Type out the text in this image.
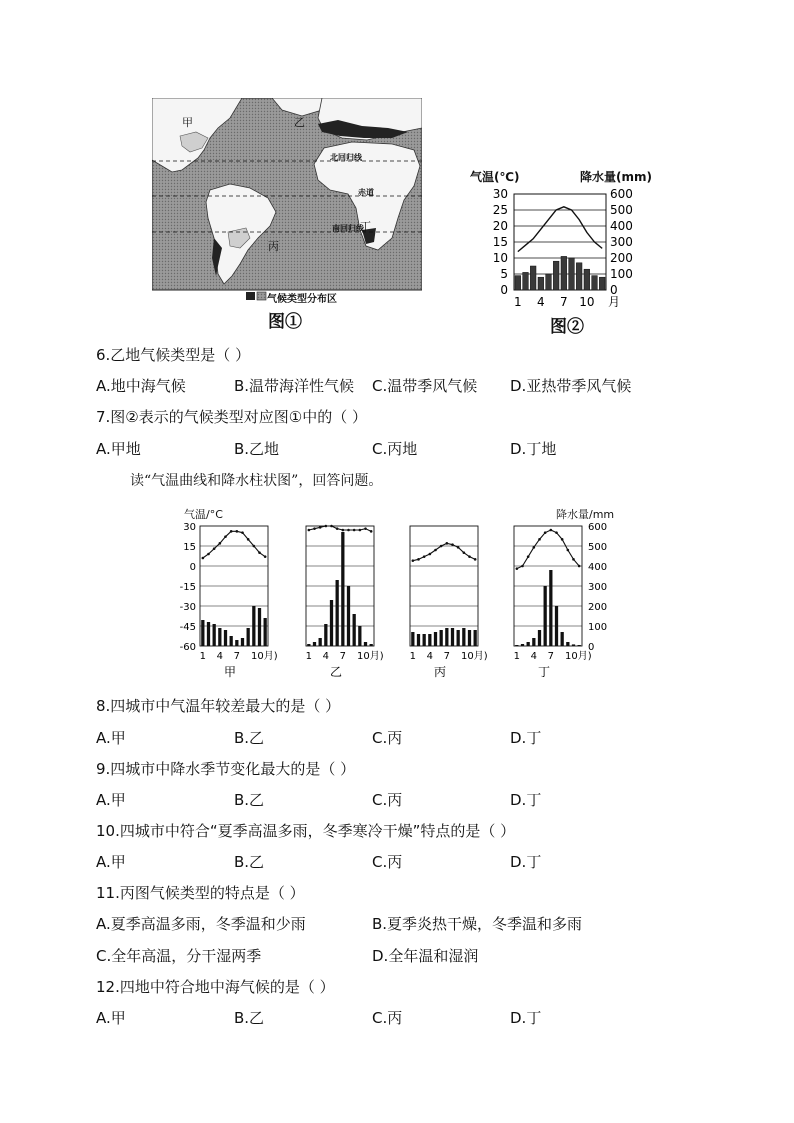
甲	乙
丙
丁
北回归线
赤道
南回归线
气候类型分布区
图①
气温(℃)	降水量(mm)
30
25
20
15
10
5
0
600
500
400
300
200
100
0
1 4 7 10 月
图②
6.乙地气候类型是（ ）
A.地中海气候	B.温带海洋性气候 C.温带季风气候 D.亚热带季风气候
7.图②表示的气候类型对应图①中的（ ）
A.甲地	B.乙地	C.丙地	D.丁地
读“气温曲线和降水柱状图”，回答问题。
气温/°C	降水量/mm
30
15
0
-15
-30
-45
-60
600
500
400
300
200
100
0
1 4 7 10月)
甲
1 4 7 10月)
乙
1 4 7 10月)
丙
1 4 7 10月)
丁
8.四城市中气温年较差最大的是（ ）
A.甲	B.乙	C.丙	D.丁
9.四城市中降水季节变化最大的是（ ）
A.甲	B.乙	C.丙	D.丁
10.四城市中符合“夏季高温多雨，冬季寒冷干燥”特点的是（ ）
A.甲	B.乙	C.丙	D.丁
11.丙图气候类型的特点是（ ）
A.夏季高温多雨，冬季温和少雨	B.夏季炎热干燥，冬季温和多雨
C.全年高温，分干湿两季	D.全年温和湿润
12.四地中符合地中海气候的是（ ）
A.甲	B.乙	C.丙	D.丁
